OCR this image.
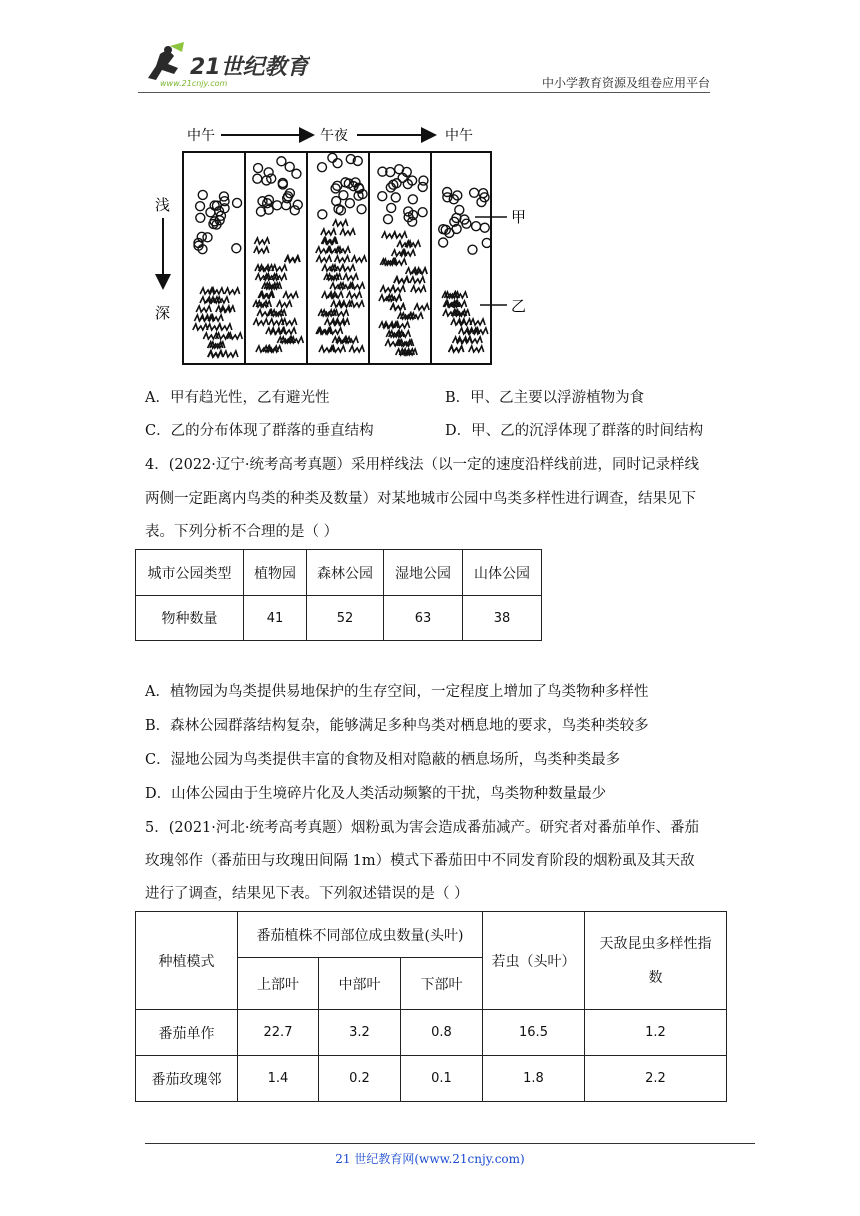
21世纪教育
www.21cnjy.com	中小学教育资源及组卷应用平台
中午	午夜	中午
浅
深
甲
乙
A．甲有趋光性，乙有避光性	B．甲、乙主要以浮游植物为食
C．乙的分布体现了群落的垂直结构	D．甲、乙的沉浮体现了群落的时间结构
4．(2022·辽宁·统考高考真题）采用样线法（以一定的速度沿样线前进，同时记录样线
两侧一定距离内鸟类的种类及数量）对某地城市公园中鸟类多样性进行调查，结果见下
表。下列分析不合理的是（ ）
城市公园类型	植物园	森林公园	湿地公园	山体公园
物种数量	41	52	63	38
A．植物园为鸟类提供易地保护的生存空间，一定程度上增加了鸟类物种多样性
B．森林公园群落结构复杂，能够满足多种鸟类对栖息地的要求，鸟类种类较多
C．湿地公园为鸟类提供丰富的食物及相对隐蔽的栖息场所，鸟类种类最多
D．山体公园由于生境碎片化及人类活动频繁的干扰，鸟类物种数量最少
5．(2021·河北·统考高考真题）烟粉虱为害会造成番茄减产。研究者对番茄单作、番茄
玫瑰邻作（番茄田与玫瑰田间隔 1m）模式下番茄田中不同发育阶段的烟粉虱及其天敌
进行了调查，结果见下表。下列叙述错误的是（ ）
种植模式	番茄植株不同部位成虫数量(头叶)			若虫（头叶）	天敌昆虫多样性指
数
	上部叶	中部叶	下部叶		
番茄单作	22.7	3.2	0.8	16.5	1.2
番茄玫瑰邻	1.4	0.2	0.1	1.8	2.2
21 世纪教育网(www.21cnjy.com)
